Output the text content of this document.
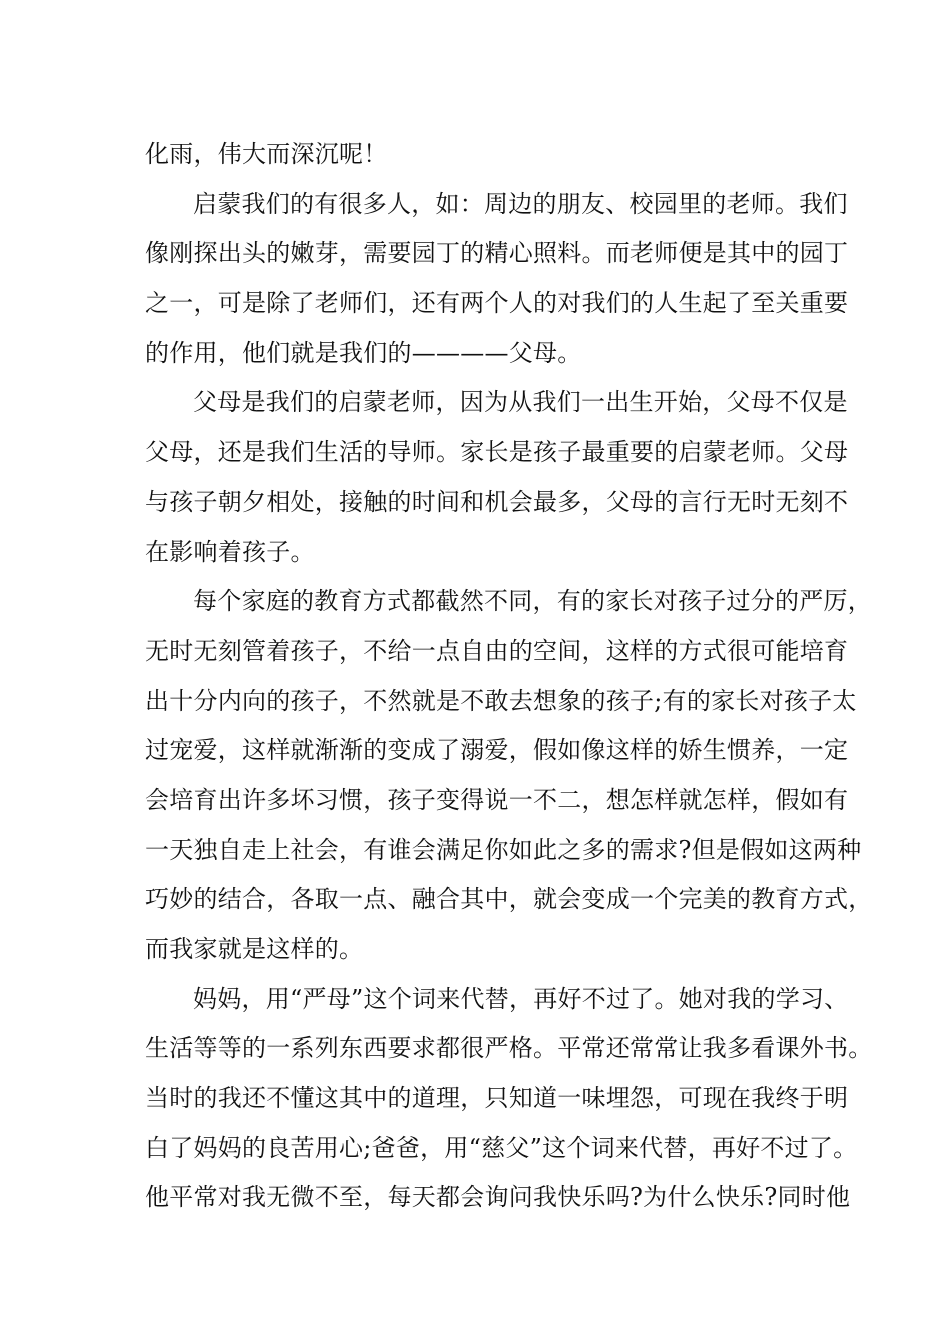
化雨，伟大而深沉呢！
启蒙我们的有很多人，如：周边的朋友、校园里的老师。我们
像刚探出头的嫩芽，需要园丁的精心照料。而老师便是其中的园丁
之一，可是除了老师们，还有两个人的对我们的人生起了至关重要
的作用，他们就是我们的————父母。
父母是我们的启蒙老师，因为从我们一出生开始，父母不仅是
父母，还是我们生活的导师。家长是孩子最重要的启蒙老师。父母
与孩子朝夕相处，接触的时间和机会最多，父母的言行无时无刻不
在影响着孩子。
每个家庭的教育方式都截然不同，有的家长对孩子过分的严厉，
无时无刻管着孩子，不给一点自由的空间，这样的方式很可能培育
出十分内向的孩子，不然就是不敢去想象的孩子;有的家长对孩子太
过宠爱，这样就渐渐的变成了溺爱，假如像这样的娇生惯养，一定
会培育出许多坏习惯，孩子变得说一不二，想怎样就怎样，假如有
一天独自走上社会，有谁会满足你如此之多的需求?但是假如这两种
巧妙的结合，各取一点、融合其中，就会变成一个完美的教育方式，
而我家就是这样的。
妈妈，用“严母”这个词来代替，再好不过了。她对我的学习、
生活等等的一系列东西要求都很严格。平常还常常让我多看课外书。
当时的我还不懂这其中的道理，只知道一味埋怨，可现在我终于明
白了妈妈的良苦用心;爸爸，用“慈父”这个词来代替，再好不过了。
他平常对我无微不至，每天都会询问我快乐吗?为什么快乐?同时他
